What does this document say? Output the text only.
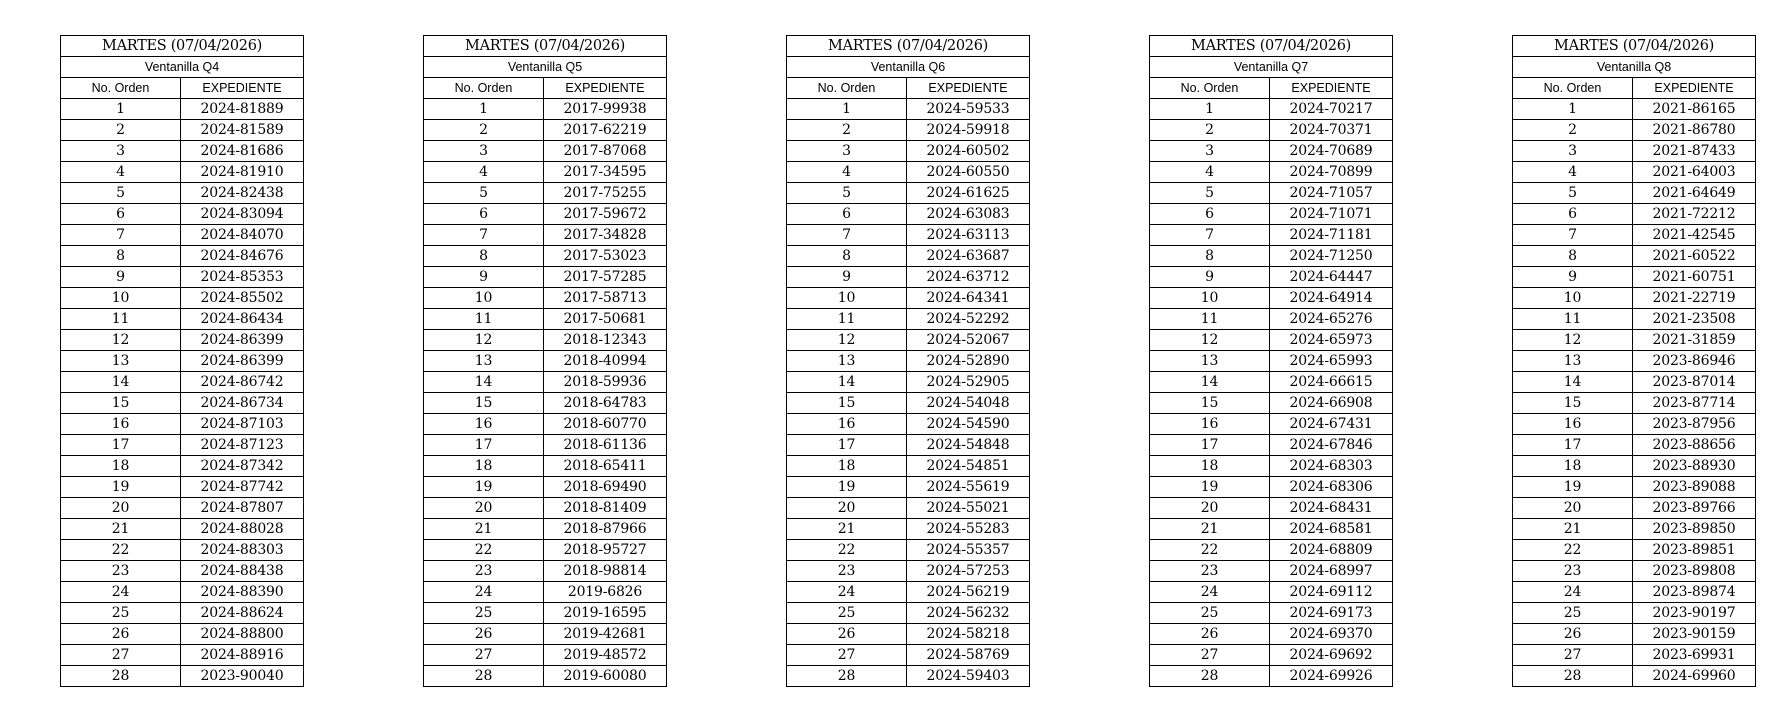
MARTES (07/04/2026)	
Ventanilla Q4	
No. Orden	EXPEDIENTE
1	2024-81889
2	2024-81589
3	2024-81686
4	2024-81910
5	2024-82438
6	2024-83094
7	2024-84070
8	2024-84676
9	2024-85353
10	2024-85502
11	2024-86434
12	2024-86399
13	2024-86399
14	2024-86742
15	2024-86734
16	2024-87103
17	2024-87123
18	2024-87342
19	2024-87742
20	2024-87807
21	2024-88028
22	2024-88303
23	2024-88438
24	2024-88390
25	2024-88624
26	2024-88800
27	2024-88916
28	2023-90040
MARTES (07/04/2026)	
Ventanilla Q5	
No. Orden	EXPEDIENTE
1	2017-99938
2	2017-62219
3	2017-87068
4	2017-34595
5	2017-75255
6	2017-59672
7	2017-34828
8	2017-53023
9	2017-57285
10	2017-58713
11	2017-50681
12	2018-12343
13	2018-40994
14	2018-59936
15	2018-64783
16	2018-60770
17	2018-61136
18	2018-65411
19	2018-69490
20	2018-81409
21	2018-87966
22	2018-95727
23	2018-98814
24	2019-6826
25	2019-16595
26	2019-42681
27	2019-48572
28	2019-60080
MARTES (07/04/2026)	
Ventanilla Q6	
No. Orden	EXPEDIENTE
1	2024-59533
2	2024-59918
3	2024-60502
4	2024-60550
5	2024-61625
6	2024-63083
7	2024-63113
8	2024-63687
9	2024-63712
10	2024-64341
11	2024-52292
12	2024-52067
13	2024-52890
14	2024-52905
15	2024-54048
16	2024-54590
17	2024-54848
18	2024-54851
19	2024-55619
20	2024-55021
21	2024-55283
22	2024-55357
23	2024-57253
24	2024-56219
25	2024-56232
26	2024-58218
27	2024-58769
28	2024-59403
MARTES (07/04/2026)	
Ventanilla Q7	
No. Orden	EXPEDIENTE
1	2024-70217
2	2024-70371
3	2024-70689
4	2024-70899
5	2024-71057
6	2024-71071
7	2024-71181
8	2024-71250
9	2024-64447
10	2024-64914
11	2024-65276
12	2024-65973
13	2024-65993
14	2024-66615
15	2024-66908
16	2024-67431
17	2024-67846
18	2024-68303
19	2024-68306
20	2024-68431
21	2024-68581
22	2024-68809
23	2024-68997
24	2024-69112
25	2024-69173
26	2024-69370
27	2024-69692
28	2024-69926
MARTES (07/04/2026)	
Ventanilla Q8	
No. Orden	EXPEDIENTE
1	2021-86165
2	2021-86780
3	2021-87433
4	2021-64003
5	2021-64649
6	2021-72212
7	2021-42545
8	2021-60522
9	2021-60751
10	2021-22719
11	2021-23508
12	2021-31859
13	2023-86946
14	2023-87014
15	2023-87714
16	2023-87956
17	2023-88656
18	2023-88930
19	2023-89088
20	2023-89766
21	2023-89850
22	2023-89851
23	2023-89808
24	2023-89874
25	2023-90197
26	2023-90159
27	2023-69931
28	2024-69960
